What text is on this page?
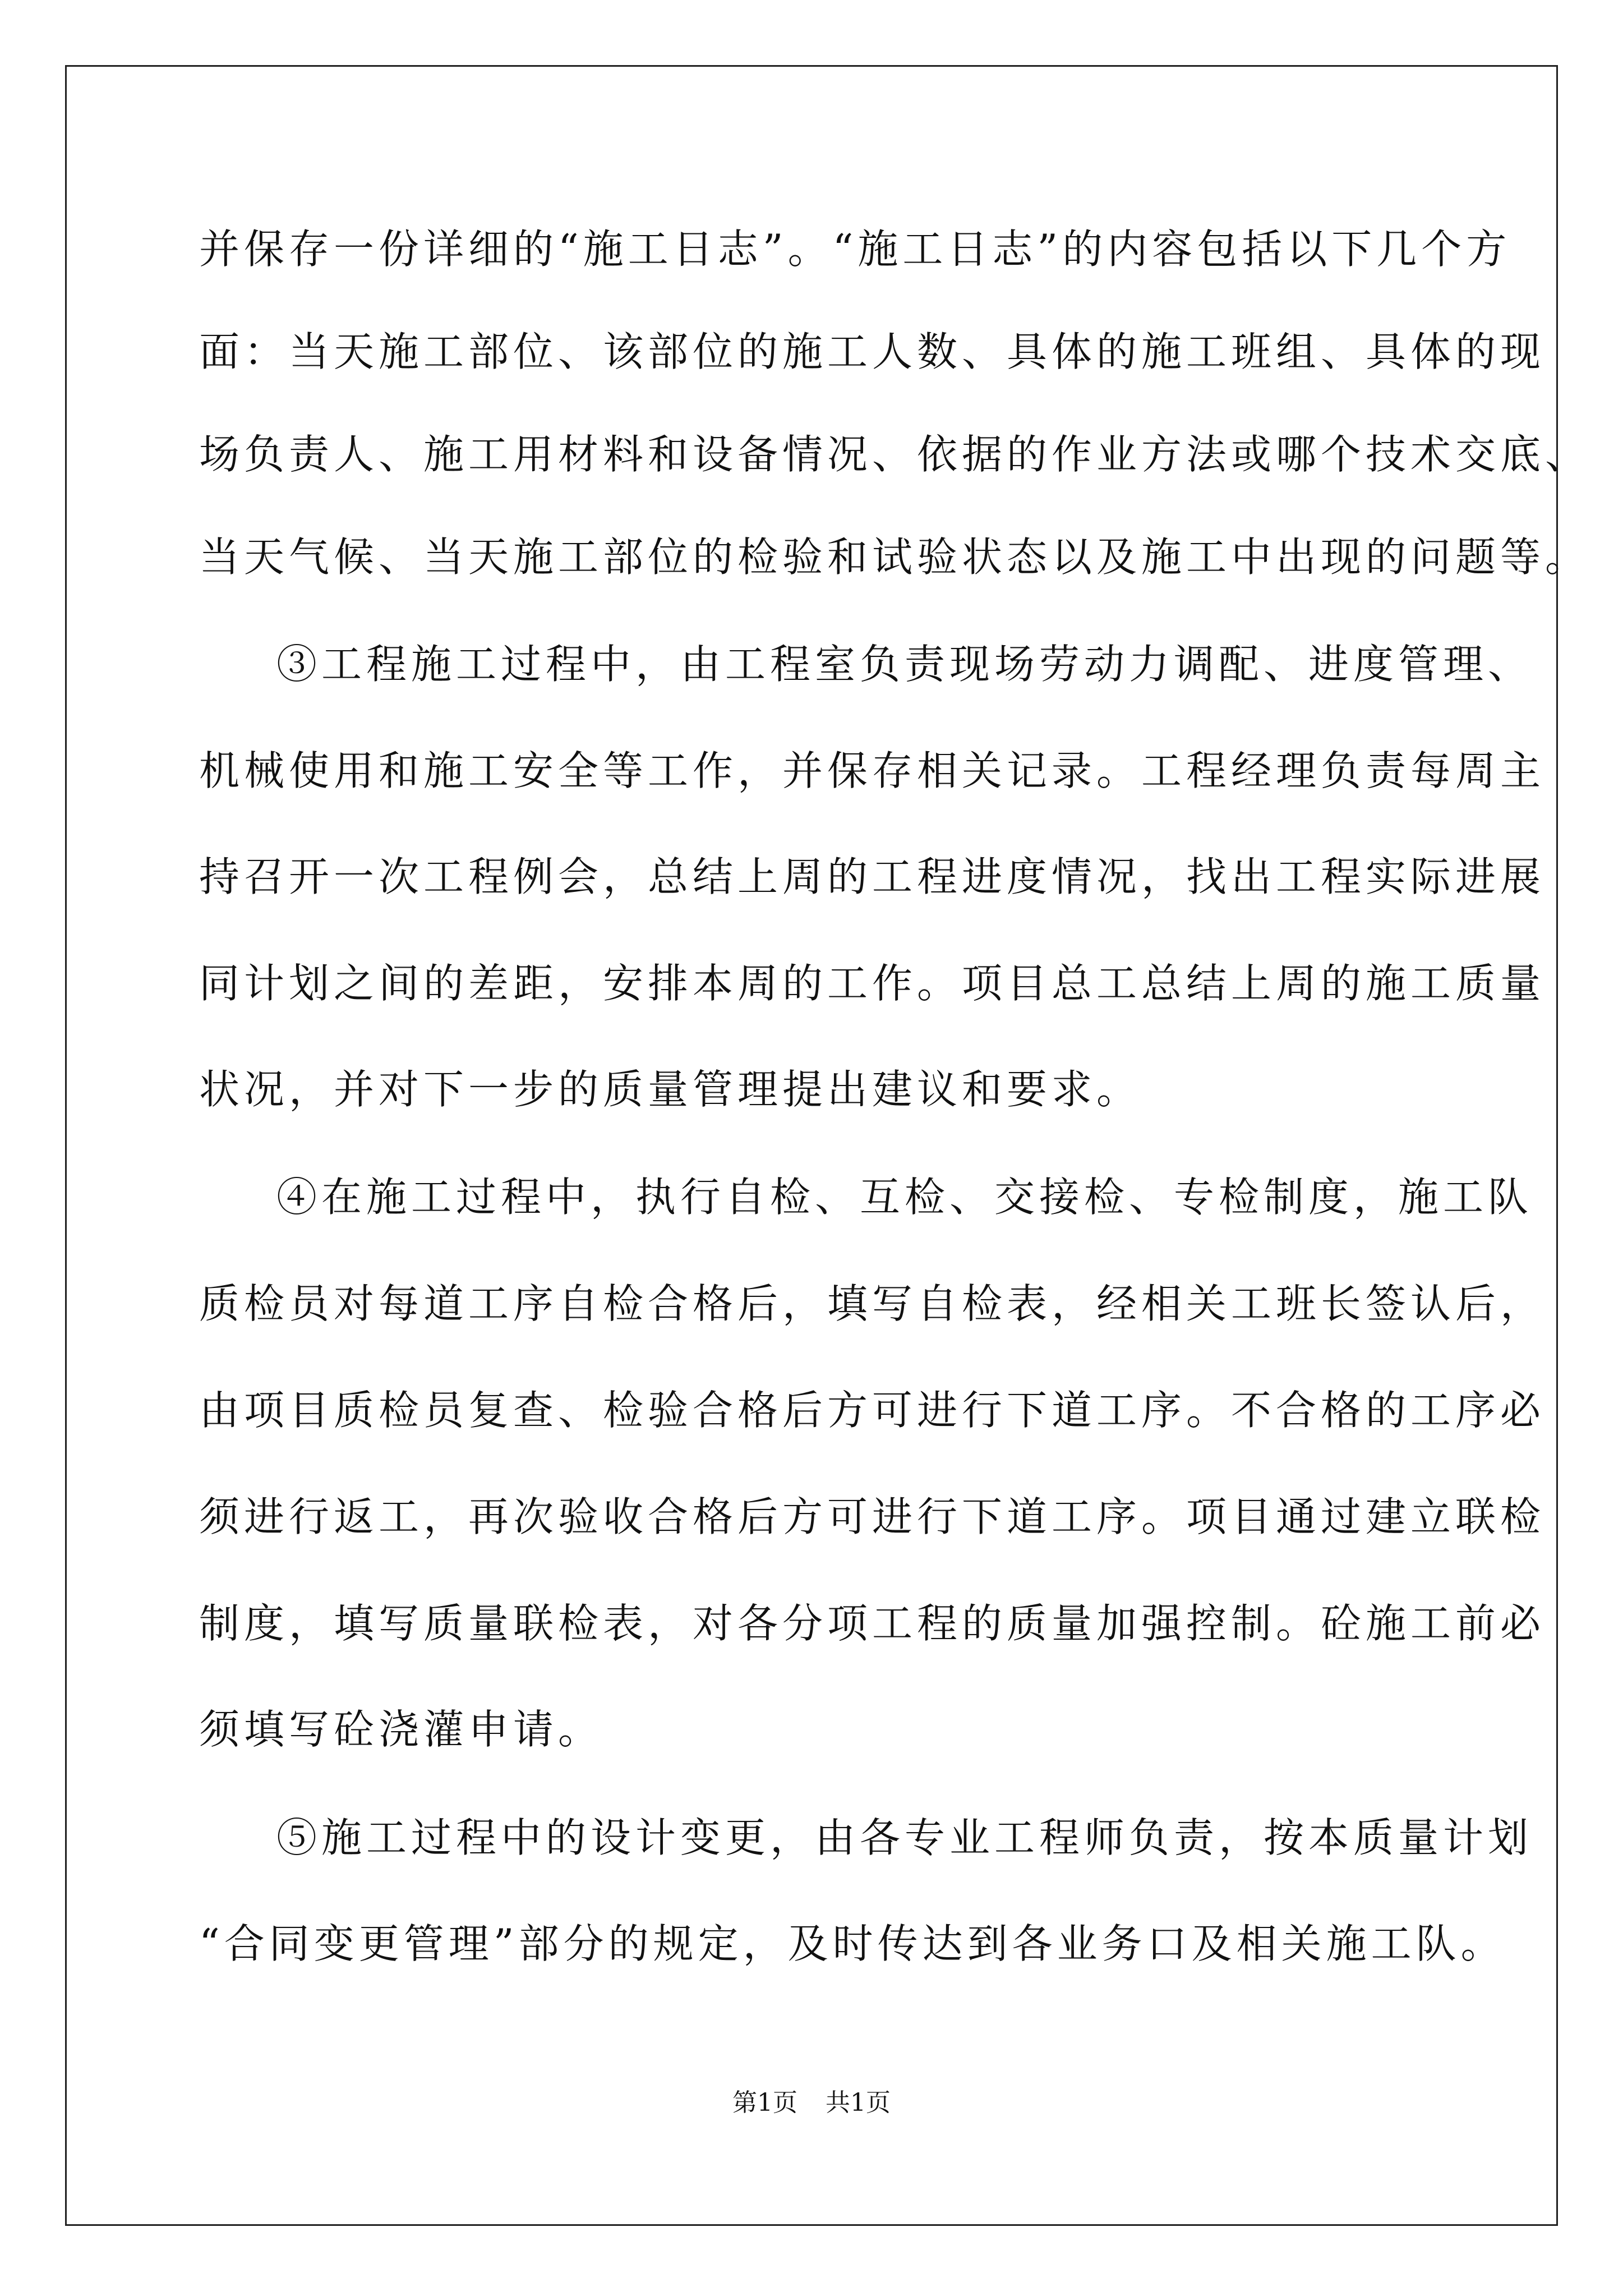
并保存一份详细的“施工日志”。“施工日志”的内容包括以下几个方
面：当天施工部位、该部位的施工人数、具体的施工班组、具体的现
场负责人、施工用材料和设备情况、依据的作业方法或哪个技术交底、
当天气候、当天施工部位的检验和试验状态以及施工中出现的问题等。
③工程施工过程中，由工程室负责现场劳动力调配、进度管理、
机械使用和施工安全等工作，并保存相关记录。工程经理负责每周主
持召开一次工程例会，总结上周的工程进度情况，找出工程实际进展
同计划之间的差距，安排本周的工作。项目总工总结上周的施工质量
状况，并对下一步的质量管理提出建议和要求。
④在施工过程中，执行自检、互检、交接检、专检制度，施工队
质检员对每道工序自检合格后，填写自检表，经相关工班长签认后，
由项目质检员复查、检验合格后方可进行下道工序。不合格的工序必
须进行返工，再次验收合格后方可进行下道工序。项目通过建立联检
制度，填写质量联检表，对各分项工程的质量加强控制。砼施工前必
须填写砼浇灌申请。
⑤施工过程中的设计变更，由各专业工程师负责，按本质量计划
“合同变更管理”部分的规定，及时传达到各业务口及相关施工队。
第1页 共1页
